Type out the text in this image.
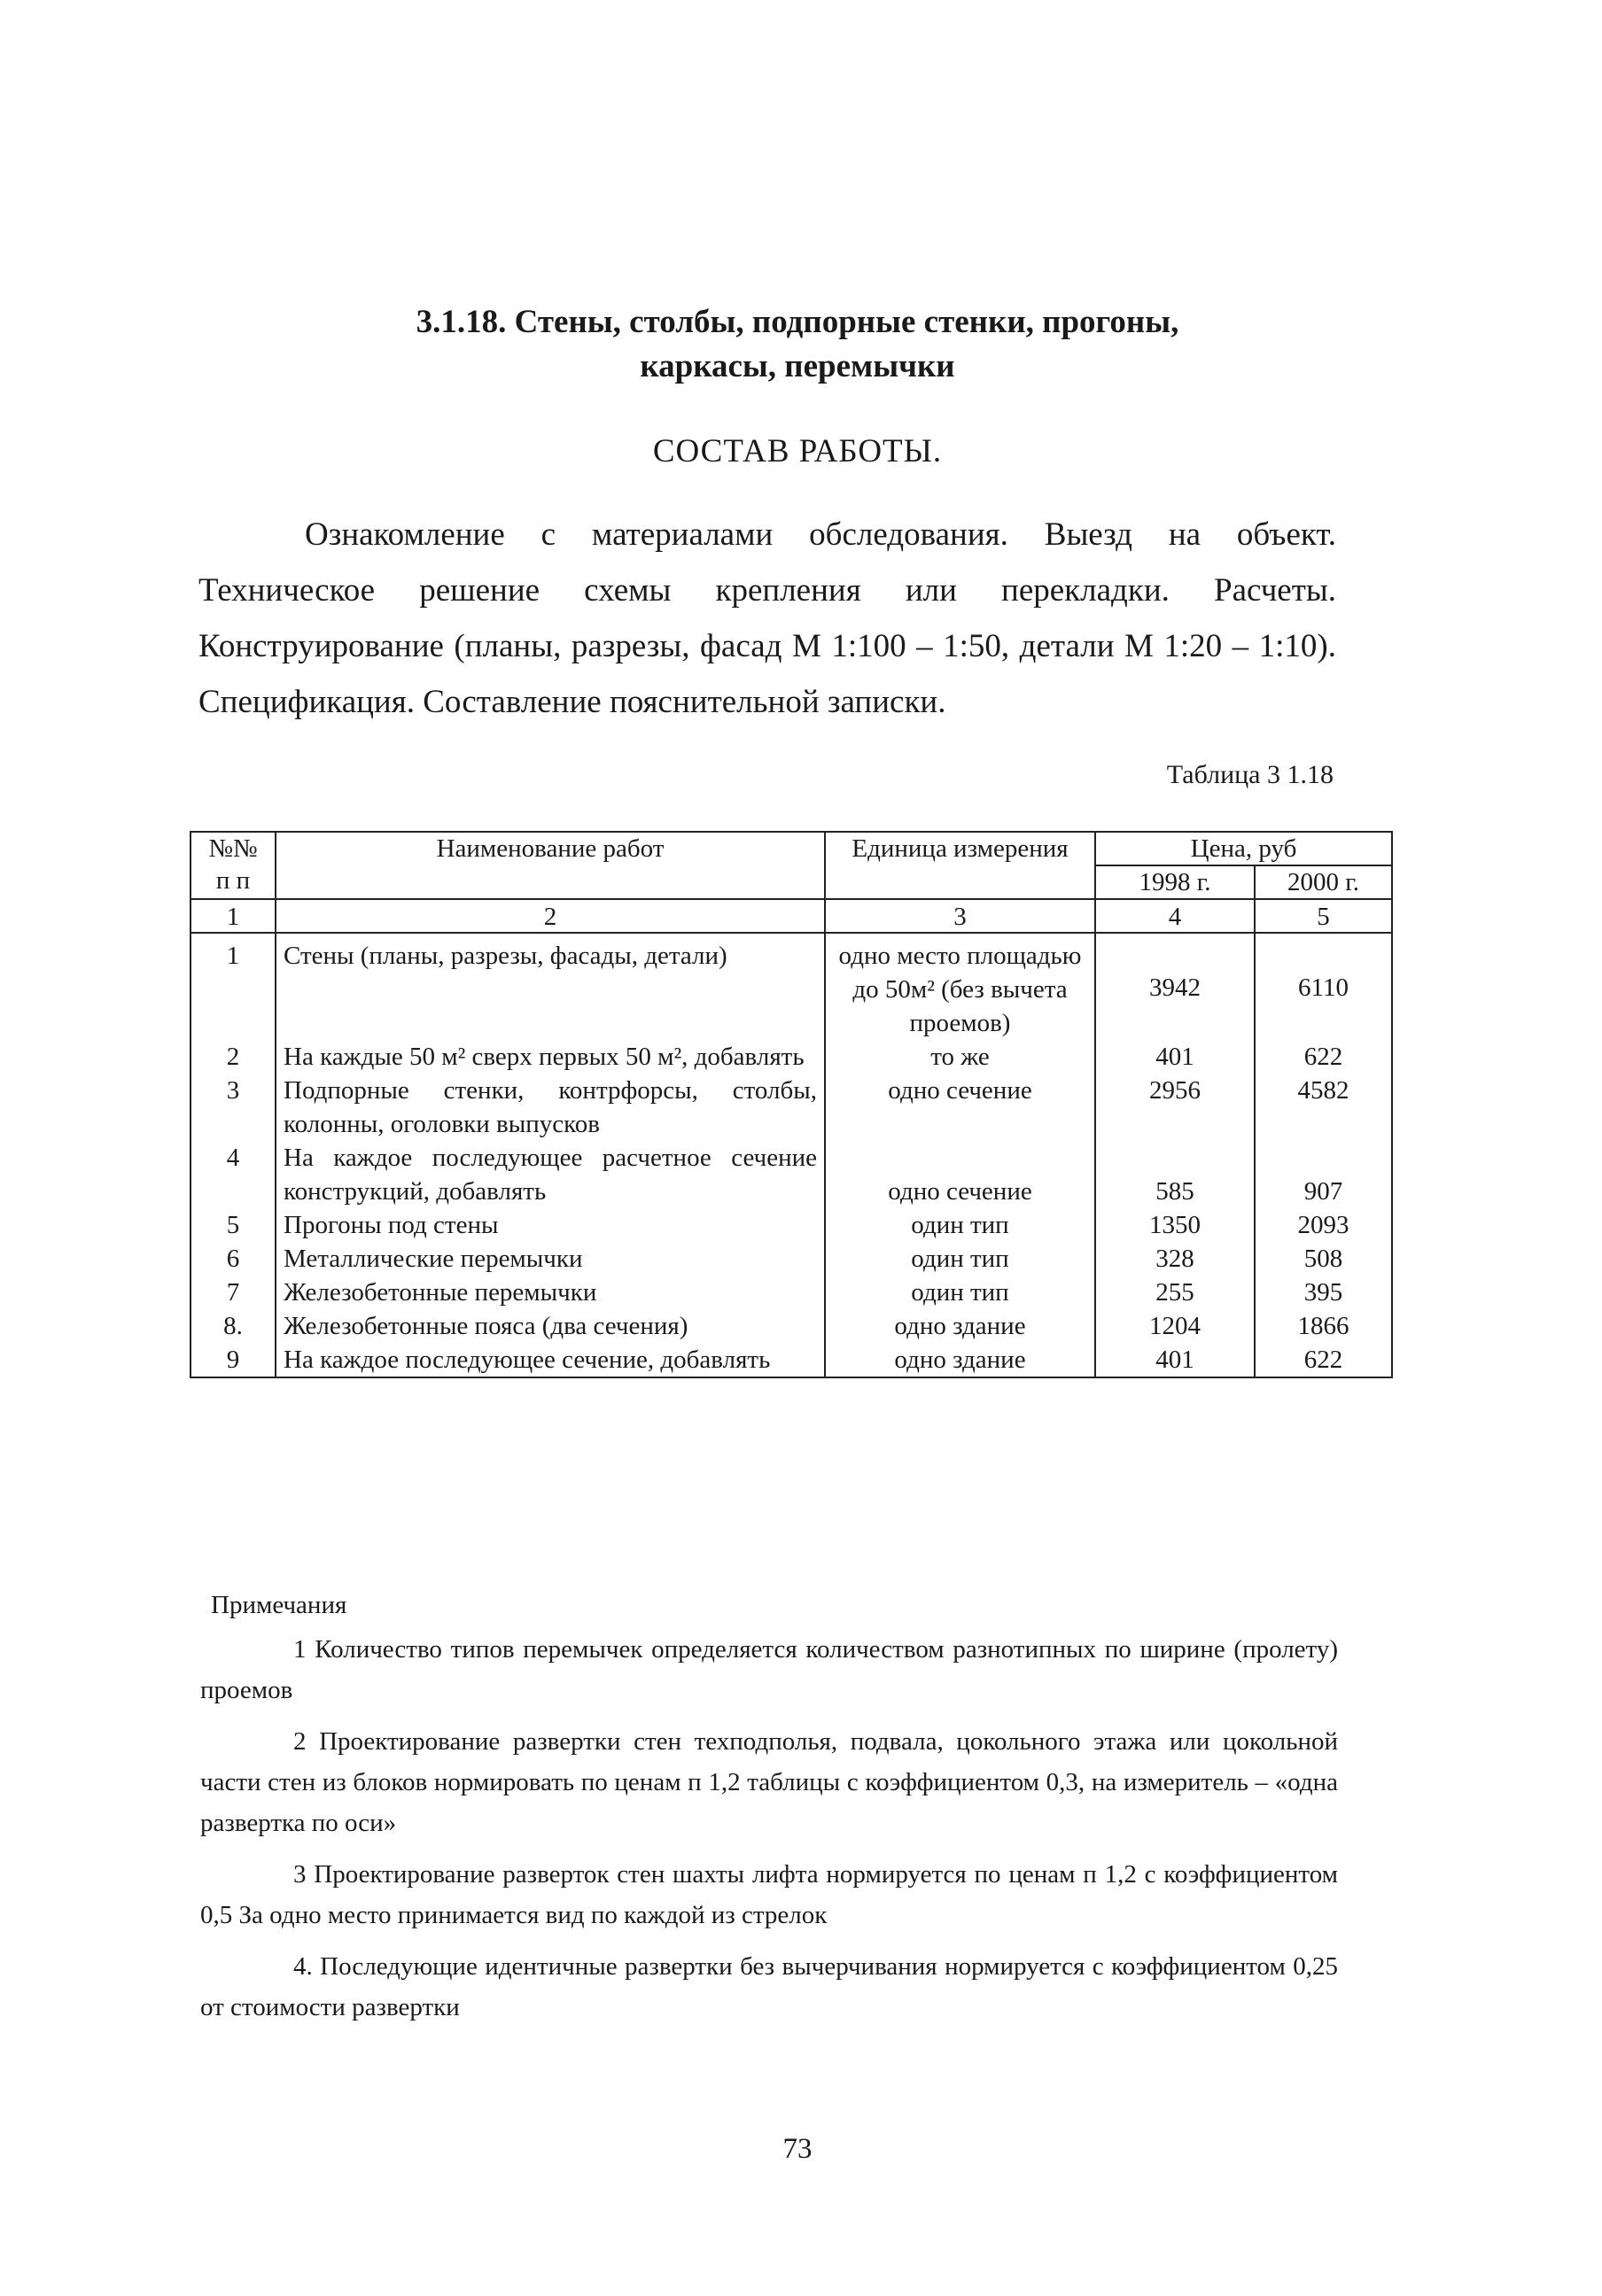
3.1.18. Стены, столбы, подпорные стенки, прогоны,
каркасы, перемычки
СОСТАВ РАБОТЫ.

Ознакомление с материалами обследования. Выезд на объект. Техническое решение схемы крепления или перекладки. Расчеты. Конструирование (планы, разрезы, фасад М 1:100 – 1:50, детали М 1:20 – 1:10). Спецификация. Составление пояснительной записки.

Таблица 3 1.18
№№ п п	Наименование работ	Единица измерения	Цена, руб	
			1998 г.	2000 г.
1	2	3	4	5
1	Стены (планы, разрезы, фасады, детали)	одно место площадью до 50м² (без вычета проемов)	3942	6110
2	На каждые 50 м² сверх первых 50 м², добавлять	то же	401	622
3	Подпорные стенки, контрфорсы, столбы, колонны, оголовки выпусков	одно сечение	2956	4582
4	На каждое последующее расчетное сечение конструкций, добавлять	одно сечение	585	907
5	Прогоны под стены	один тип	1350	2093
6	Металлические перемычки	один тип	328	508
7	Железобетонные перемычки	один тип	255	395
8.	Железобетонные пояса (два сечения)	одно здание	1204	1866
9	На каждое последующее сечение, добавлять	одно здание	401	622

Примечания

1 Количество типов перемычек определяется количеством разнотипных по ширине (пролету) проемов

2 Проектирование развертки стен техподполья, подвала, цокольного этажа или цокольной части стен из блоков нормировать по ценам п 1,2 таблицы с коэффициентом 0,3, на измеритель – «одна развертка по оси»

3 Проектирование разверток стен шахты лифта нормируется по ценам п 1,2 с коэффициентом 0,5 За одно место принимается вид по каждой из стрелок

4. Последующие идентичные развертки без вычерчивания нормируется с коэффициентом 0,25 от стоимости развертки

73
